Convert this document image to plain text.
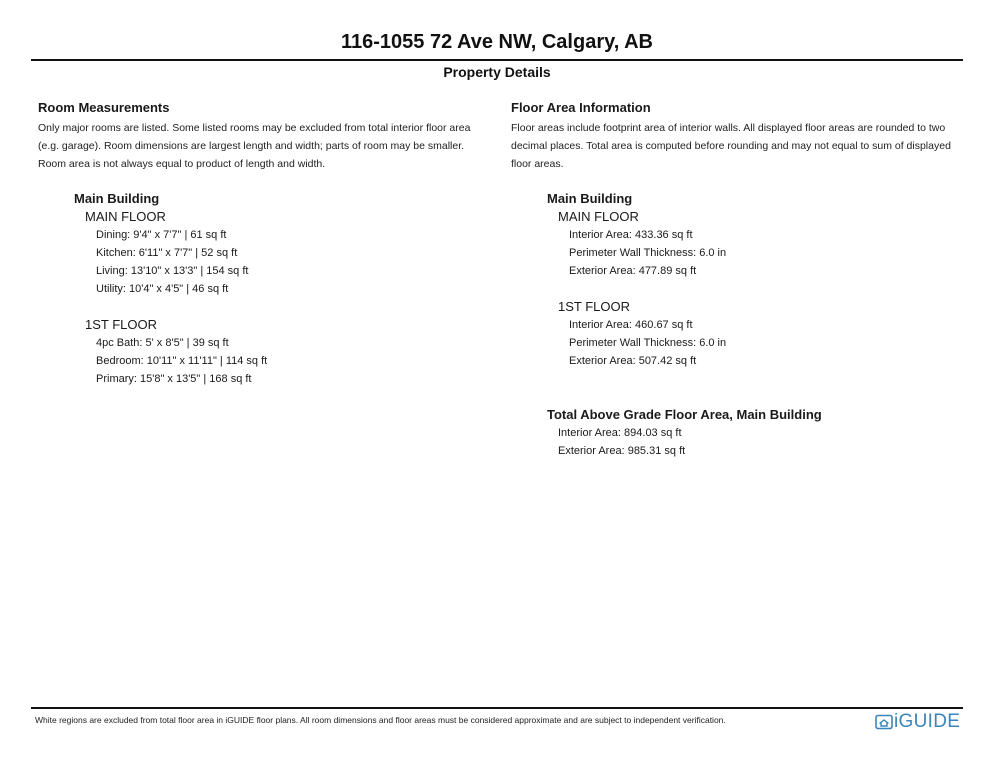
116-1055 72 Ave NW, Calgary, AB
Property Details
Room Measurements
Only major rooms are listed. Some listed rooms may be excluded from total interior floor area (e.g. garage). Room dimensions are largest length and width; parts of room may be smaller. Room area is not always equal to product of length and width.
Main Building
MAIN FLOOR
Dining: 9'4" x 7'7" | 61 sq ft
Kitchen: 6'11" x 7'7" | 52 sq ft
Living: 13'10" x 13'3" | 154 sq ft
Utility: 10'4" x 4'5" | 46 sq ft
1ST FLOOR
4pc Bath: 5' x 8'5" | 39 sq ft
Bedroom: 10'11" x 11'11" | 114 sq ft
Primary: 15'8" x 13'5" | 168 sq ft
Floor Area Information
Floor areas include footprint area of interior walls. All displayed floor areas are rounded to two decimal places. Total area is computed before rounding and may not equal to sum of displayed floor areas.
Main Building
MAIN FLOOR
Interior Area: 433.36 sq ft
Perimeter Wall Thickness: 6.0 in
Exterior Area: 477.89 sq ft
1ST FLOOR
Interior Area: 460.67 sq ft
Perimeter Wall Thickness: 6.0 in
Exterior Area: 507.42 sq ft
Total Above Grade Floor Area, Main Building
Interior Area: 894.03 sq ft
Exterior Area: 985.31 sq ft
White regions are excluded from total floor area in iGUIDE floor plans. All room dimensions and floor areas must be considered approximate and are subject to independent verification.	iGUIDE
